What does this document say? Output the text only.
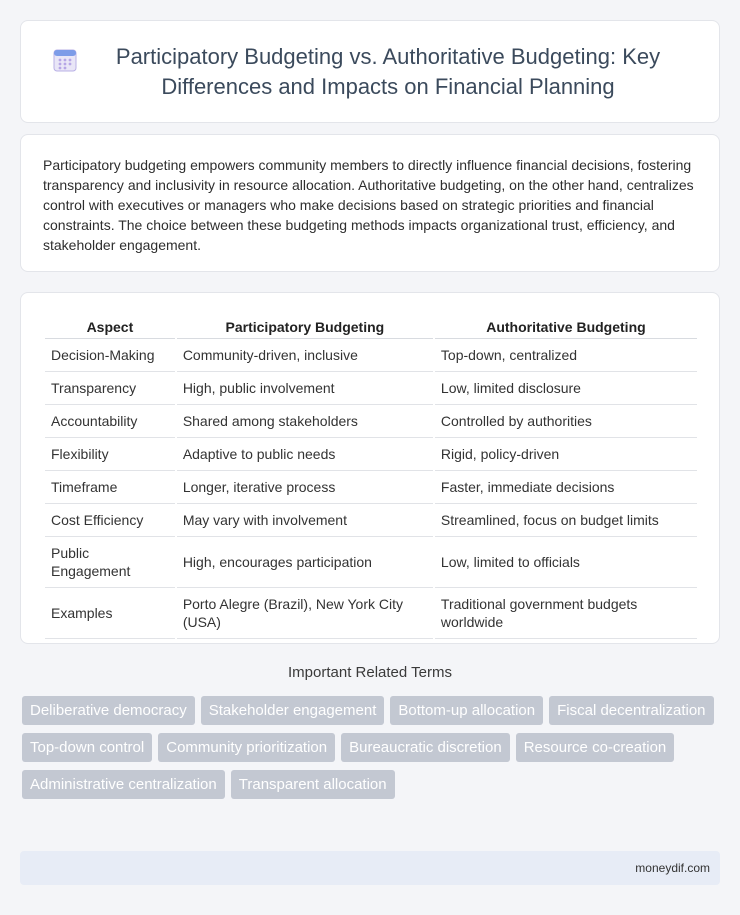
Participatory Budgeting vs. Authoritative Budgeting: Key Differences and Impacts on Financial Planning

Participatory budgeting empowers community members to directly influence financial decisions, fostering transparency and inclusivity in resource allocation. Authoritative budgeting, on the other hand, centralizes control with executives or managers who make decisions based on strategic priorities and financial constraints. The choice between these budgeting methods impacts organizational trust, efficiency, and stakeholder engagement.

Aspect	Participatory Budgeting	Authoritative Budgeting
Decision-Making	Community-driven, inclusive	Top-down, centralized
Transparency	High, public involvement	Low, limited disclosure
Accountability	Shared among stakeholders	Controlled by authorities
Flexibility	Adaptive to public needs	Rigid, policy-driven
Timeframe	Longer, iterative process	Faster, immediate decisions
Cost Efficiency	May vary with involvement	Streamlined, focus on budget limits
Public Engagement	High, encourages participation	Low, limited to officials
Examples	Porto Alegre (Brazil), New York City (USA)	Traditional government budgets worldwide
Important Related Terms
Deliberative democracy	Stakeholder engagement	Bottom-up allocation	Fiscal decentralization
Top-down control	Community prioritization	Bureaucratic discretion	Resource co-creation
Administrative centralization	Transparent allocation
moneydif.com
